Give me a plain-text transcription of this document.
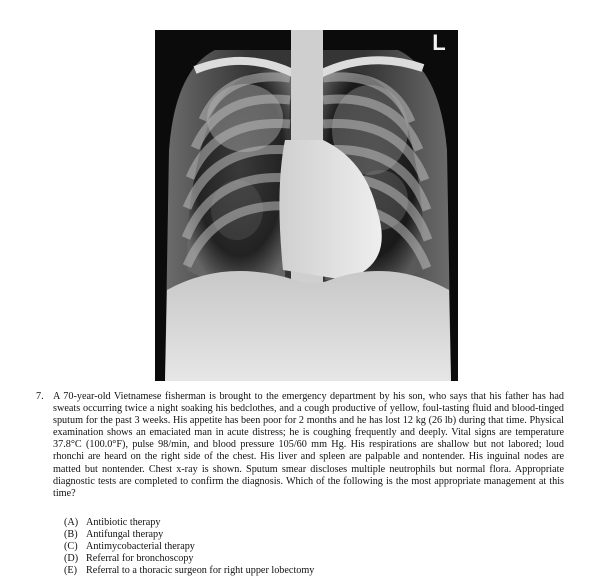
L
7. A 70-year-old Vietnamese fisherman is brought to the emergency department by his son, who says that his father has had sweats occurring twice a night soaking his bedclothes, and a cough productive of yellow, foul-tasting fluid and blood-tinged sputum for the past 3 weeks. His appetite has been poor for 2 months and he has lost 12 kg (26 lb) during that time. Physical examination shows an emaciated man in acute distress; he is coughing frequently and deeply. Vital signs are temperature 37.8°C (100.0°F), pulse 98/min, and blood pressure 105/60 mm Hg. His respirations are shallow but not labored; loud rhonchi are heard on the right side of the chest. His liver and spleen are palpable and nontender. His inguinal nodes are matted but nontender. Chest x-ray is shown. Sputum smear discloses multiple neutrophils but normal flora. Appropriate diagnostic tests are completed to confirm the diagnosis. Which of the following is the most appropriate management at this time?

(A) Antibiotic therapy
(B) Antifungal therapy
(C) Antimycobacterial therapy
(D) Referral for bronchoscopy
(E) Referral to a thoracic surgeon for right upper lobectomy
